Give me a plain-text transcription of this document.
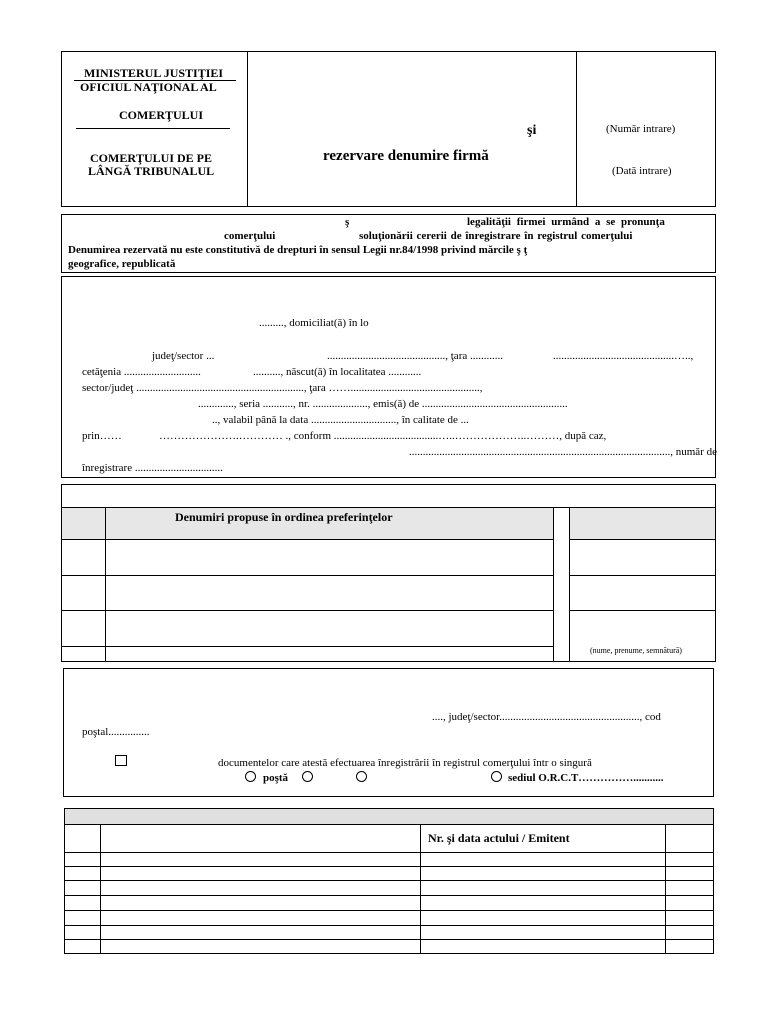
MINISTERUL JUSTIŢIEI
OFICIUL NAŢIONAL AL
COMERŢULUI
COMERŢULUI DE PE
LÂNGĂ TRIBUNALUL
şi
rezervare denumire firmă
(Număr intrare)
(Dată intrare)
ş	legalităţii firmei urmând a se pronunţa
comerţului	soluţionării cererii de înregistrare în registrul comerţului
Denumirea rezervată nu este constitutivă de drepturi în sensul Legii nr.84/1998 privind mărcile ş ţ
geografice, republicată
........., domiciliat(ă) în lo
judeţ/sector ...	..........................................., ţara ............	............................................…..,
cetăţenia ............................	.........., născut(ă) în localitatea ............
sector/judeţ ............................................................., ţara ……...............................................,
............., seria ..........., nr. ...................., emis(ă) de .....................................................
.., valabil până la data ..............................., în calitate de ...
prin……	………………….………… ., conform ......................................…..………………..………, după caz,
..............................................................................................., număr de
înregistrare ................................
Denumiri propuse în ordinea preferinţelor
(nume, prenume, semnătură)
...., judeţ/sector..................................................., cod
poştal...............
documentelor care atestă efectuarea înregistrării în registrul comerţului într o singură
poştă	sediul O.R.C.T……………...........
Nr. şi data actului / Emitent
